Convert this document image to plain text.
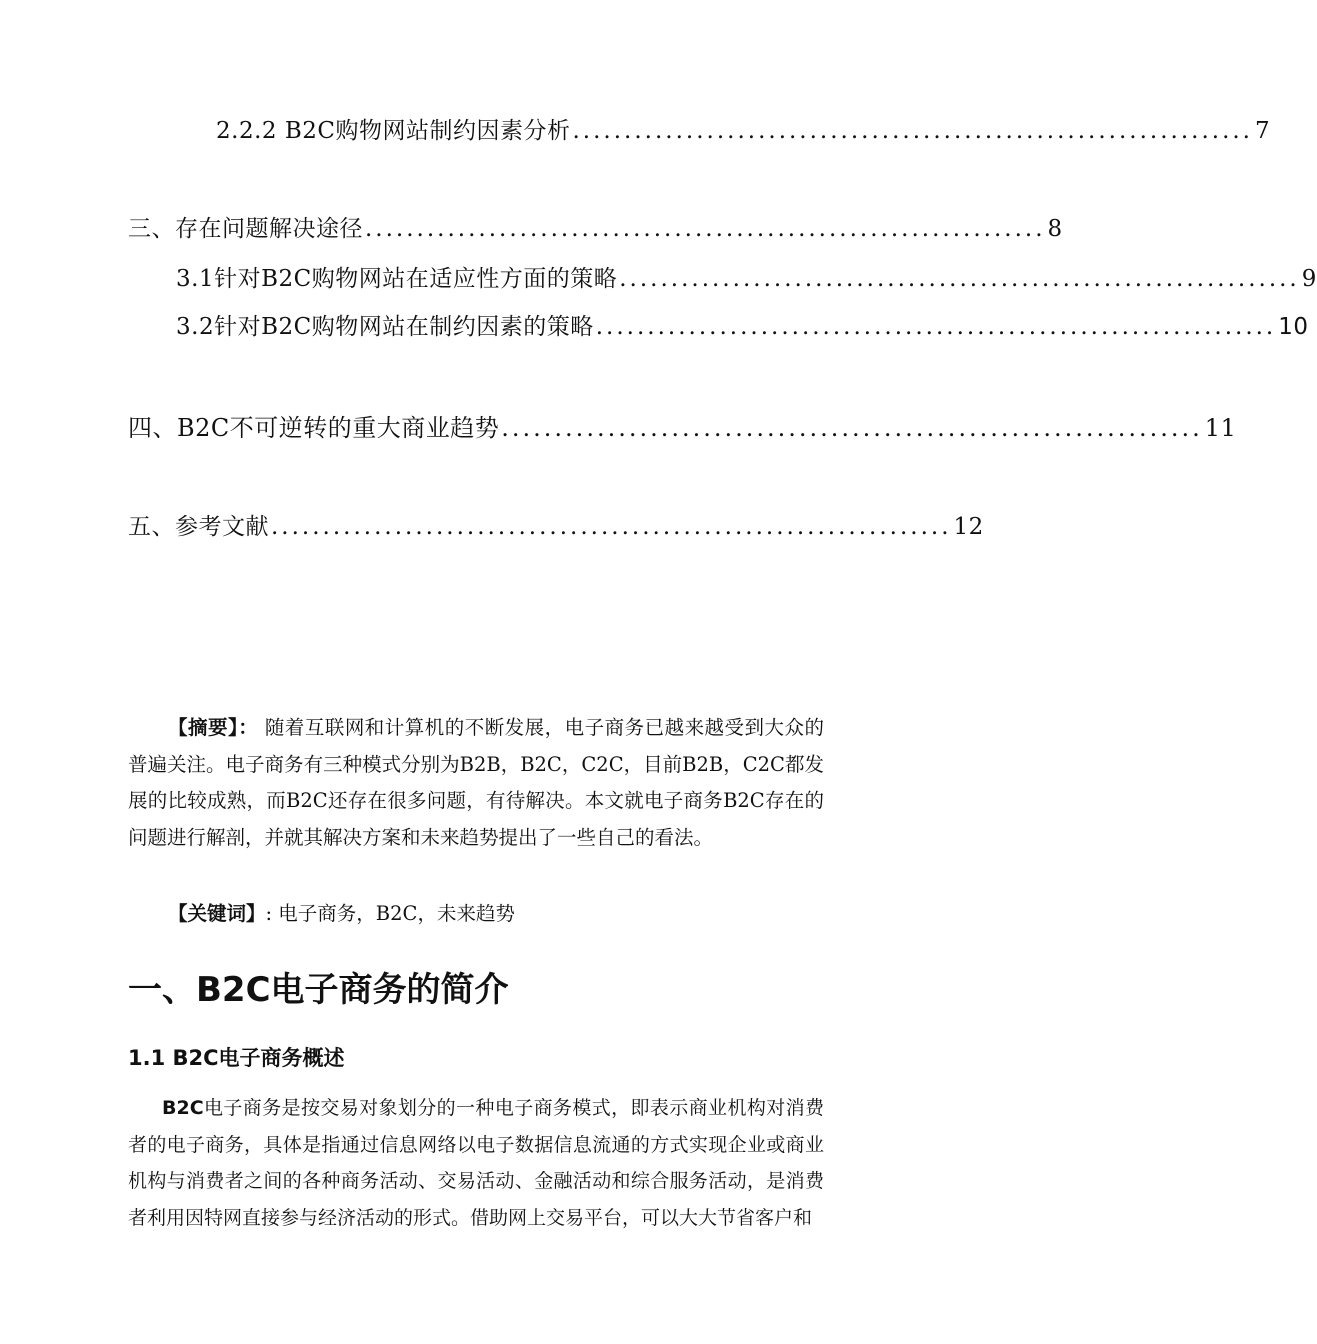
2.2.2 B2C购物网站制约因素分析 .................................................................. 7
三、存在问题解决途径 .................................................................. 8
3.1针对B2C购物网站在适应性方面的策略 .................................................................. 9
3.2针对B2C购物网站在制约因素的策略 .................................................................. 10
四、B2C不可逆转的重大商业趋势 .................................................................. 11
五、参考文献 .................................................................. 12

【摘要】： 随着互联网和计算机的不断发展，电子商务已越来越受到大众的普遍关注。电子商务有三种模式分别为B2B，B2C，C2C，目前B2B，C2C都发展的比较成熟，而B2C还存在很多问题，有待解决。本文就电子商务B2C存在的问题进行解剖，并就其解决方案和未来趋势提出了一些自己的看法。

【关键词】: 电子商务，B2C，未来趋势

一、B2C电子商务的简介
1.1 B2C电子商务概述

B2C电子商务是按交易对象划分的一种电子商务模式，即表示商业机构对消费者的电子商务，具体是指通过信息网络以电子数据信息流通的方式实现企业或商业机构与消费者之间的各种商务活动、交易活动、金融活动和综合服务活动，是消费者利用因特网直接参与经济活动的形式。借助网上交易平台，可以大大节省客户和
